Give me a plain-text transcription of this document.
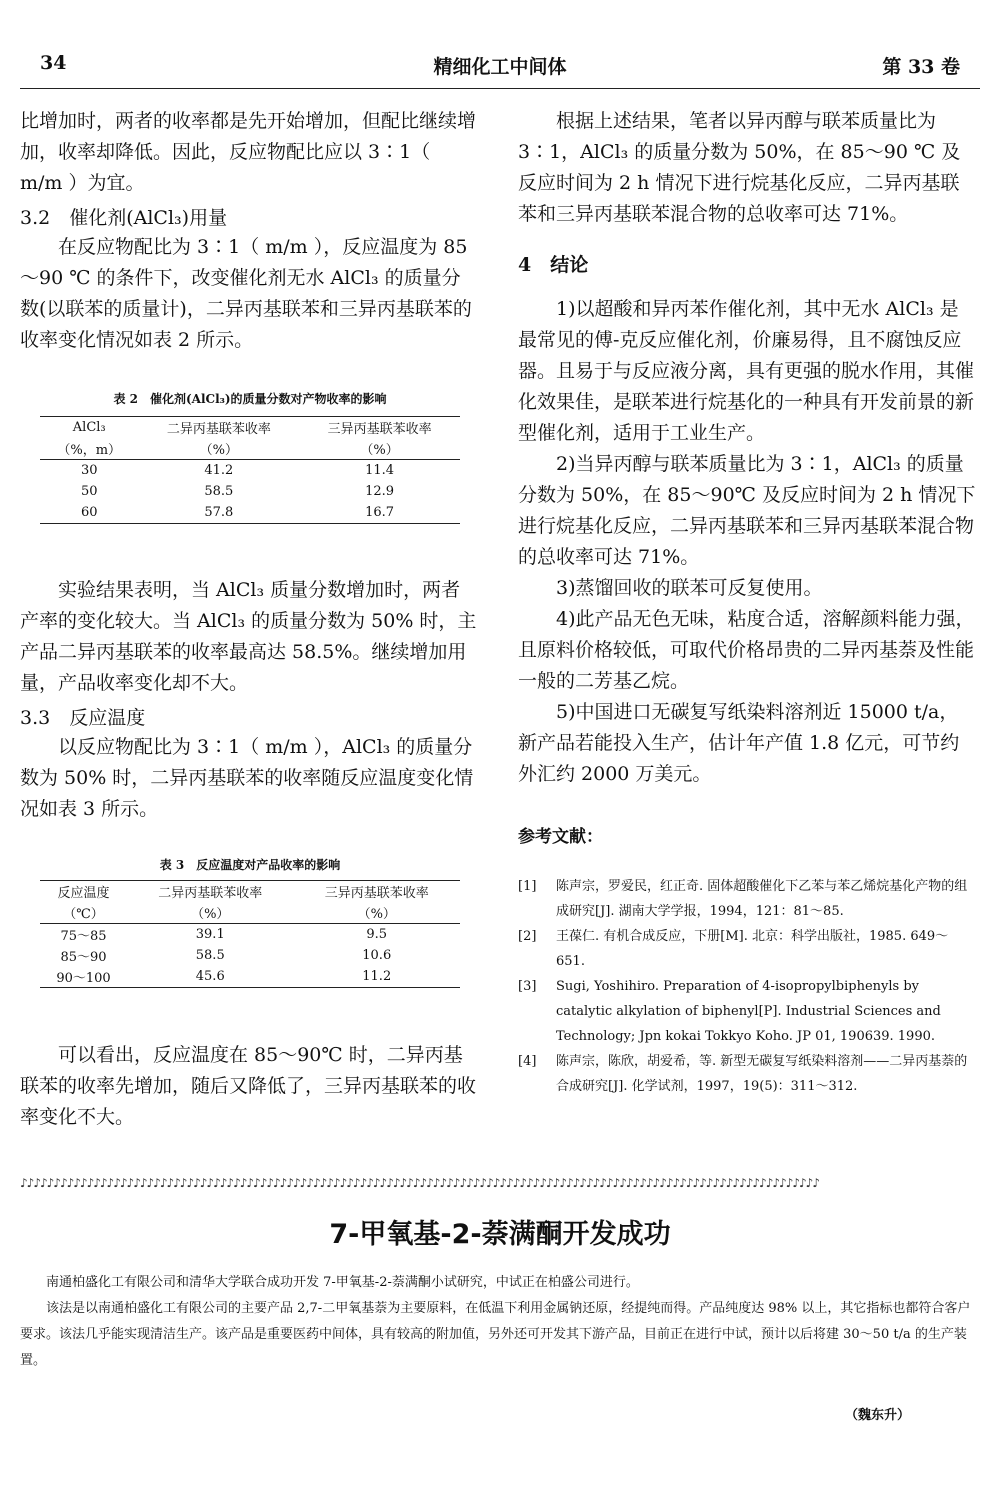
34	精细化工中间体	第 33 卷

比增加时，两者的收率都是先开始增加，但配比继续增加，收率却降低。因此，反应物配比应以 3∶1（ m/m ）为宜。

3.2　催化剂(AlCl₃)用量

在反应物配比为 3∶1（ m/m ），反应温度为 85 ～90 ℃ 的条件下，改变催化剂无水 AlCl₃ 的质量分数(以联苯的质量计)，二异丙基联苯和三异丙基联苯的收率变化情况如表 2 所示。

表 2　催化剂(AlCl₃)的质量分数对产物收率的影响
AlCl₃	二异丙基联苯收率	三异丙基联苯收率
（%，m）	（%）	（%）
30	41.2	11.4
50	58.5	12.9
60	57.8	16.7

实验结果表明，当 AlCl₃ 质量分数增加时，两者产率的变化较大。当 AlCl₃ 的质量分数为 50% 时，主产品二异丙基联苯的收率最高达 58.5%。继续增加用量，产品收率变化却不大。

3.3　反应温度

以反应物配比为 3∶1（ m/m ），AlCl₃ 的质量分数为 50% 时，二异丙基联苯的收率随反应温度变化情况如表 3 所示。

表 3　反应温度对产品收率的影响
反应温度	二异丙基联苯收率	三异丙基联苯收率
（℃）	（%）	（%）
75～85	39.1	9.5
85～90	58.5	10.6
90～100	45.6	11.2

可以看出，反应温度在 85～90℃ 时，二异丙基联苯的收率先增加，随后又降低了，三异丙基联苯的收率变化不大。

根据上述结果，笔者以异丙醇与联苯质量比为 3∶1，AlCl₃ 的质量分数为 50%，在 85～90 ℃ 及反应时间为 2 h 情况下进行烷基化反应，二异丙基联苯和三异丙基联苯混合物的总收率可达 71%。

4　结论

1)以超酸和异丙苯作催化剂，其中无水 AlCl₃ 是最常见的傅-克反应催化剂，价廉易得，且不腐蚀反应器。且易于与反应液分离，具有更强的脱水作用，其催化效果佳，是联苯进行烷基化的一种具有开发前景的新型催化剂，适用于工业生产。

2)当异丙醇与联苯质量比为 3∶1，AlCl₃ 的质量分数为 50%，在 85～90℃ 及反应时间为 2 h 情况下进行烷基化反应，二异丙基联苯和三异丙基联苯混合物的总收率可达 71%。

3)蒸馏回收的联苯可反复使用。

4)此产品无色无味，粘度合适，溶解颜料能力强，且原料价格较低，可取代价格昂贵的二异丙基萘及性能一般的二芳基乙烷。

5)中国进口无碳复写纸染料溶剂近 15000 t/a，新产品若能投入生产，估计年产值 1.8 亿元，可节约外汇约 2000 万美元。

参考文献：
[1]	陈声宗，罗爱民，红正奇. 固体超酸催化下乙苯与苯乙烯烷基化产物的组成研究[J]. 湖南大学学报，1994，121：81～85.
[2]	王葆仁. 有机合成反应，下册[M]. 北京：科学出版社，1985. 649～651.
[3]	Sugi, Yoshihiro. Preparation of 4-isopropylbiphenyls by catalytic alkylation of biphenyl[P]. Industrial Sciences and Technology; Jpn kokai Tokkyo Koho. JP 01, 190639. 1990.
[4]	陈声宗，陈欣，胡爱希，等. 新型无碳复写纸染料溶剂——二异丙基萘的合成研究[J]. 化学试剂，1997，19(5)：311～312.
♪♪♪♪♪♪♪♪♪♪♪♪♪♪♪♪♪♪♪♪♪♪♪♪♪♪♪♪♪♪♪♪♪♪♪♪♪♪♪♪♪♪♪♪♪♪♪♪♪♪♪♪♪♪♪♪♪♪♪♪♪♪♪♪♪♪♪♪♪♪♪♪♪♪♪♪♪♪♪♪♪♪♪♪♪♪♪♪♪♪♪♪♪♪♪♪♪♪♪♪♪♪♪♪♪♪♪♪♪♪♪♪♪♪♪♪♪♪♪♪
7-甲氧基-2-萘满酮开发成功

南通柏盛化工有限公司和清华大学联合成功开发 7-甲氧基-2-萘满酮小试研究，中试正在柏盛公司进行。

该法是以南通柏盛化工有限公司的主要产品 2,7-二甲氧基萘为主要原料，在低温下利用金属钠还原，经提纯而得。产品纯度达 98% 以上，其它指标也都符合客户要求。该法几乎能实现清洁生产。该产品是重要医药中间体，具有较高的附加值，另外还可开发其下游产品，目前正在进行中试，预计以后将建 30～50 t/a 的生产装置。

（魏东升）
